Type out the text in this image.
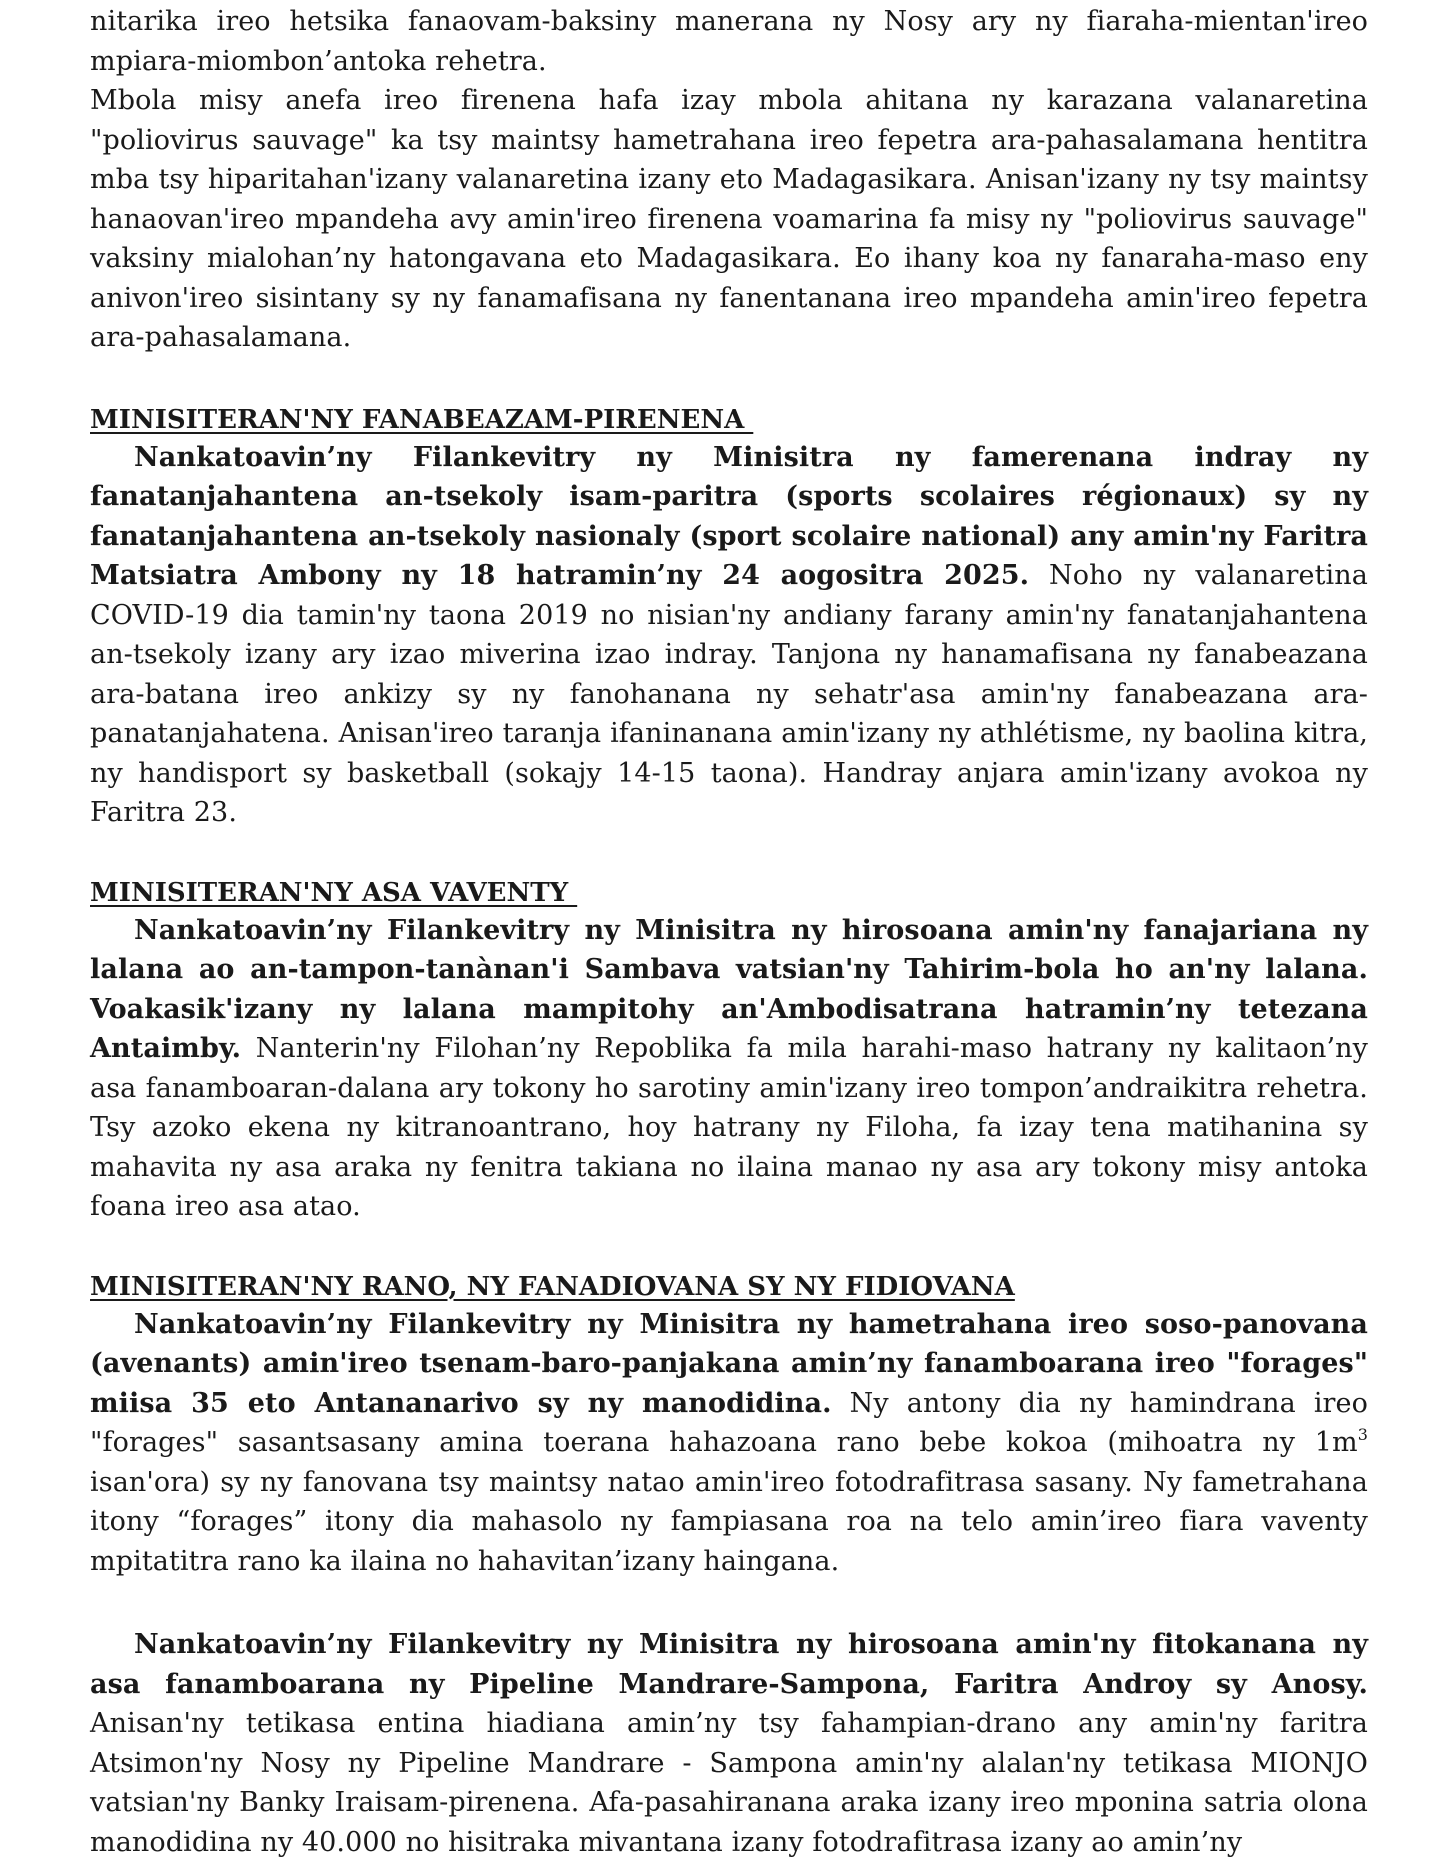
nitarika ireo hetsika fanaovam-baksiny manerana ny Nosy ary ny fiaraha-mientan'ireo mpiara-miombon’antoka rehetra.

Mbola misy anefa ireo firenena hafa izay mbola ahitana ny karazana valanaretina "poliovirus sauvage" ka tsy maintsy hametrahana ireo fepetra ara-pahasalamana hentitra mba tsy hiparitahan'izany valanaretina izany eto Madagasikara. Anisan'izany ny tsy maintsy hanaovan'ireo mpandeha avy amin'ireo firenena voamarina fa misy ny "poliovirus sauvage" vaksiny mialohan’ny hatongavana eto Madagasikara. Eo ihany koa ny fanaraha-maso eny anivon'ireo sisintany sy ny fanamafisana ny fanentanana ireo mpandeha amin'ireo fepetra ara-pahasalamana.

MINISITERAN'NY FANABEAZAM-PIRENENA

Nankatoavin’ny Filankevitry ny Minisitra ny famerenana indray ny fanatanjahantena an-tsekoly isam-paritra (sports scolaires régionaux) sy ny fanatanjahantena an-tsekoly nasionaly (sport scolaire national) any amin'ny Faritra Matsiatra Ambony ny 18 hatramin’ny 24 aogositra 2025. Noho ny valanaretina COVID-19 dia tamin'ny taona 2019 no nisian'ny andiany farany amin'ny fanatanjahantena an-tsekoly izany ary izao miverina izao indray. Tanjona ny hanamafisana ny fanabeazana ara-batana ireo ankizy sy ny fanohanana ny sehatr'asa amin'ny fanabeazana ara-panatanjahatena. Anisan'ireo taranja ifaninanana amin'izany ny athlétisme, ny baolina kitra, ny handisport sy basketball (sokajy 14-15 taona). Handray anjara amin'izany avokoa ny Faritra 23.

MINISITERAN'NY ASA VAVENTY

Nankatoavin’ny Filankevitry ny Minisitra ny hirosoana amin'ny fanajariana ny lalana ao an-tampon-tanànan'i Sambava vatsian'ny Tahirim-bola ho an'ny lalana. Voakasik'izany ny lalana mampitohy an'Ambodisatrana hatramin’ny tetezana Antaimby. Nanterin'ny Filohan’ny Repoblika fa mila harahi-maso hatrany ny kalitaon’ny asa fanamboaran-dalana ary tokony ho sarotiny amin'izany ireo tompon’andraikitra rehetra. Tsy azoko ekena ny kitranoantrano, hoy hatrany ny Filoha, fa izay tena matihanina sy mahavita ny asa araka ny fenitra takiana no ilaina manao ny asa ary tokony misy antoka foana ireo asa atao.

MINISITERAN'NY RANO, NY FANADIOVANA SY NY FIDIOVANA

Nankatoavin’ny Filankevitry ny Minisitra ny hametrahana ireo soso-panovana (avenants) amin'ireo tsenam-baro-panjakana amin’ny fanamboarana ireo "forages" miisa 35 eto Antananarivo sy ny manodidina. Ny antony dia ny hamindrana ireo "forages" sasantsasany amina toerana hahazoana rano bebe kokoa (mihoatra ny $1m^3$ isan'ora) sy ny fanovana tsy maintsy natao amin'ireo fotodrafitrasa sasany. Ny fametrahana itony “forages” itony dia mahasolo ny fampiasana roa na telo amin’ireo fiara vaventy mpitatitra rano ka ilaina no hahavitan’izany haingana.

Nankatoavin’ny Filankevitry ny Minisitra ny hirosoana amin'ny fitokanana ny asa fanamboarana ny Pipeline Mandrare-Sampona, Faritra Androy sy Anosy. Anisan'ny tetikasa entina hiadiana amin’ny tsy fahampian-drano any amin'ny faritra Atsimon'ny Nosy ny Pipeline Mandrare - Sampona amin'ny alalan'ny tetikasa MIONJO vatsian'ny Banky Iraisam-pirenena. Afa-pasahiranana araka izany ireo mponina satria olona manodidina ny 40.000 no hisitraka mivantana izany fotodrafitrasa izany ao amin’ny
